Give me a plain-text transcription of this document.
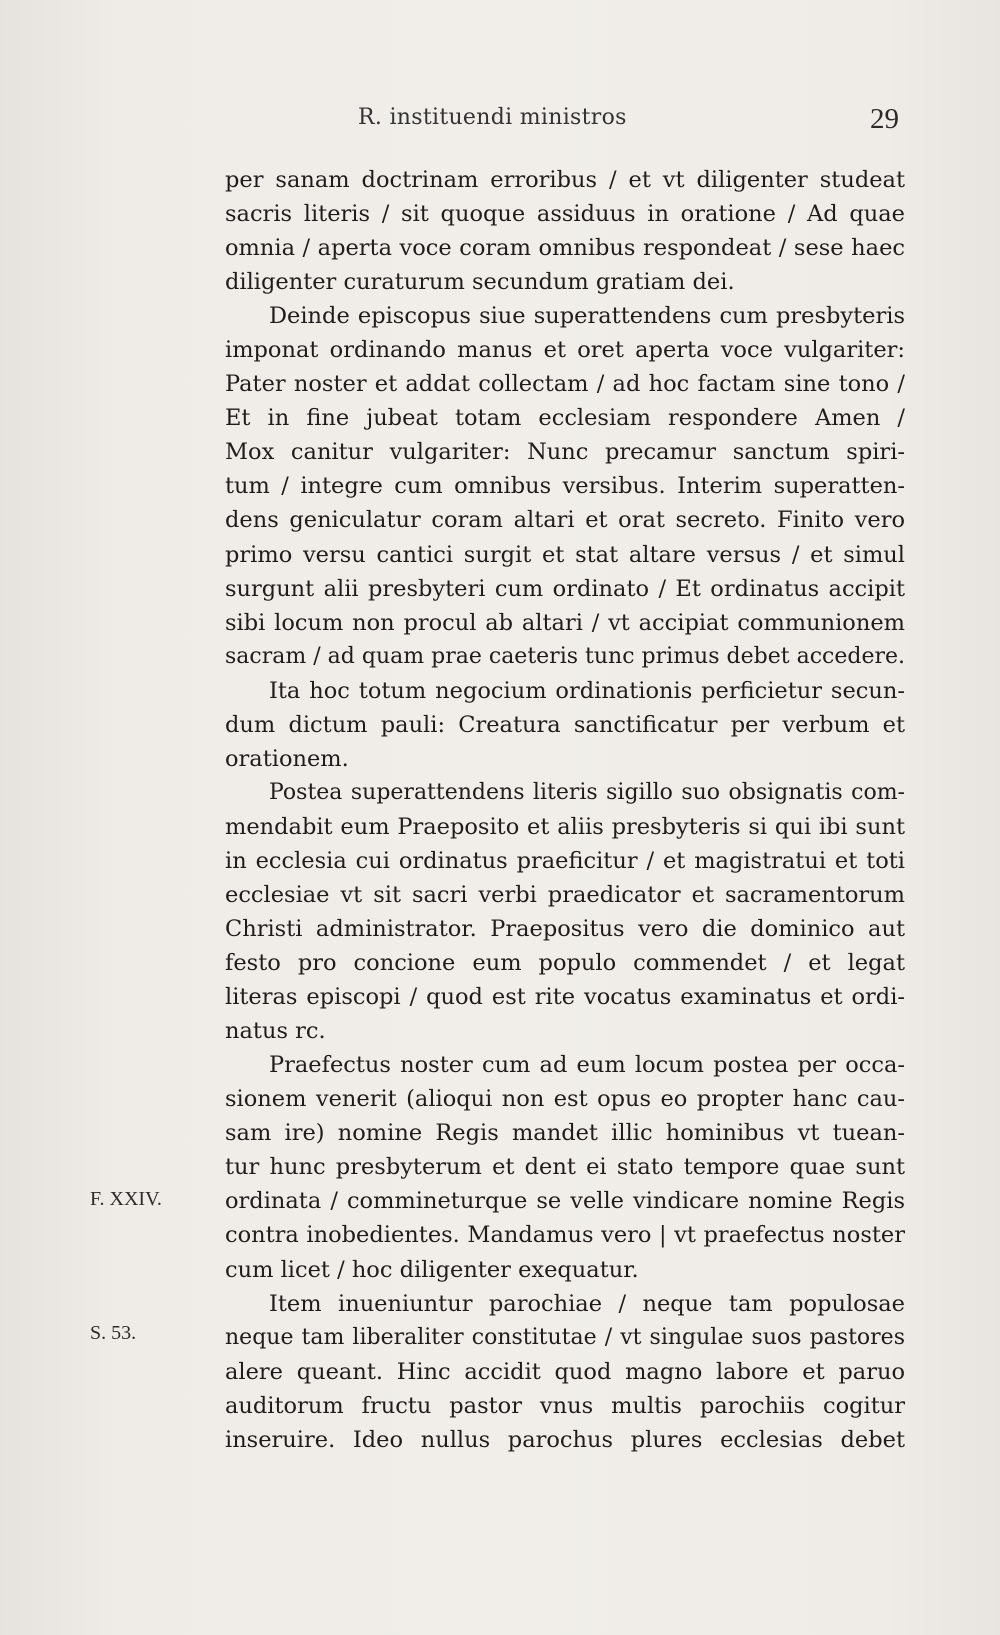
R. instituendi ministros	29
F. XXIV.
S. 53.
per sanam doctrinam erroribus / et vt diligenter studeat
sacris literis / sit quoque assiduus in oratione / Ad quae
omnia / aperta voce coram omnibus respondeat / sese haec
diligenter curaturum secundum gratiam dei.
Deinde episcopus siue superattendens cum presbyteris
imponat ordinando manus et oret aperta voce vulgariter:
Pater noster et addat collectam / ad hoc factam sine tono /
Et in fine jubeat totam ecclesiam respondere Amen /
Mox canitur vulgariter: Nunc precamur sanctum spiri-
tum / integre cum omnibus versibus. Interim superatten-
dens geniculatur coram altari et orat secreto. Finito vero
primo versu cantici surgit et stat altare versus / et simul
surgunt alii presbyteri cum ordinato / Et ordinatus accipit
sibi locum non procul ab altari / vt accipiat communionem
sacram / ad quam prae caeteris tunc primus debet accedere.
Ita hoc totum negocium ordinationis perficietur secun-
dum dictum pauli: Creatura sanctificatur per verbum et
orationem.
Postea superattendens literis sigillo suo obsignatis com-
mendabit eum Praeposito et aliis presbyteris si qui ibi sunt
in ecclesia cui ordinatus praeficitur / et magistratui et toti
ecclesiae vt sit sacri verbi praedicator et sacramentorum
Christi administrator. Praepositus vero die dominico aut
festo pro concione eum populo commendet / et legat
literas episcopi / quod est rite vocatus examinatus et ordi-
natus rc.
Praefectus noster cum ad eum locum postea per occa-
sionem venerit (alioqui non est opus eo propter hanc cau-
sam ire) nomine Regis mandet illic hominibus vt tuean-
tur hunc presbyterum et dent ei stato tempore quae sunt
ordinata / commineturque se velle vindicare nomine Regis
contra inobedientes. Mandamus vero | vt praefectus noster
cum licet / hoc diligenter exequatur.
Item inueniuntur parochiae / neque tam populosae
neque tam liberaliter constitutae / vt singulae suos pastores
alere queant. Hinc accidit quod magno labore et paruo
auditorum fructu pastor vnus multis parochiis cogitur
inseruire. Ideo nullus parochus plures ecclesias debet
